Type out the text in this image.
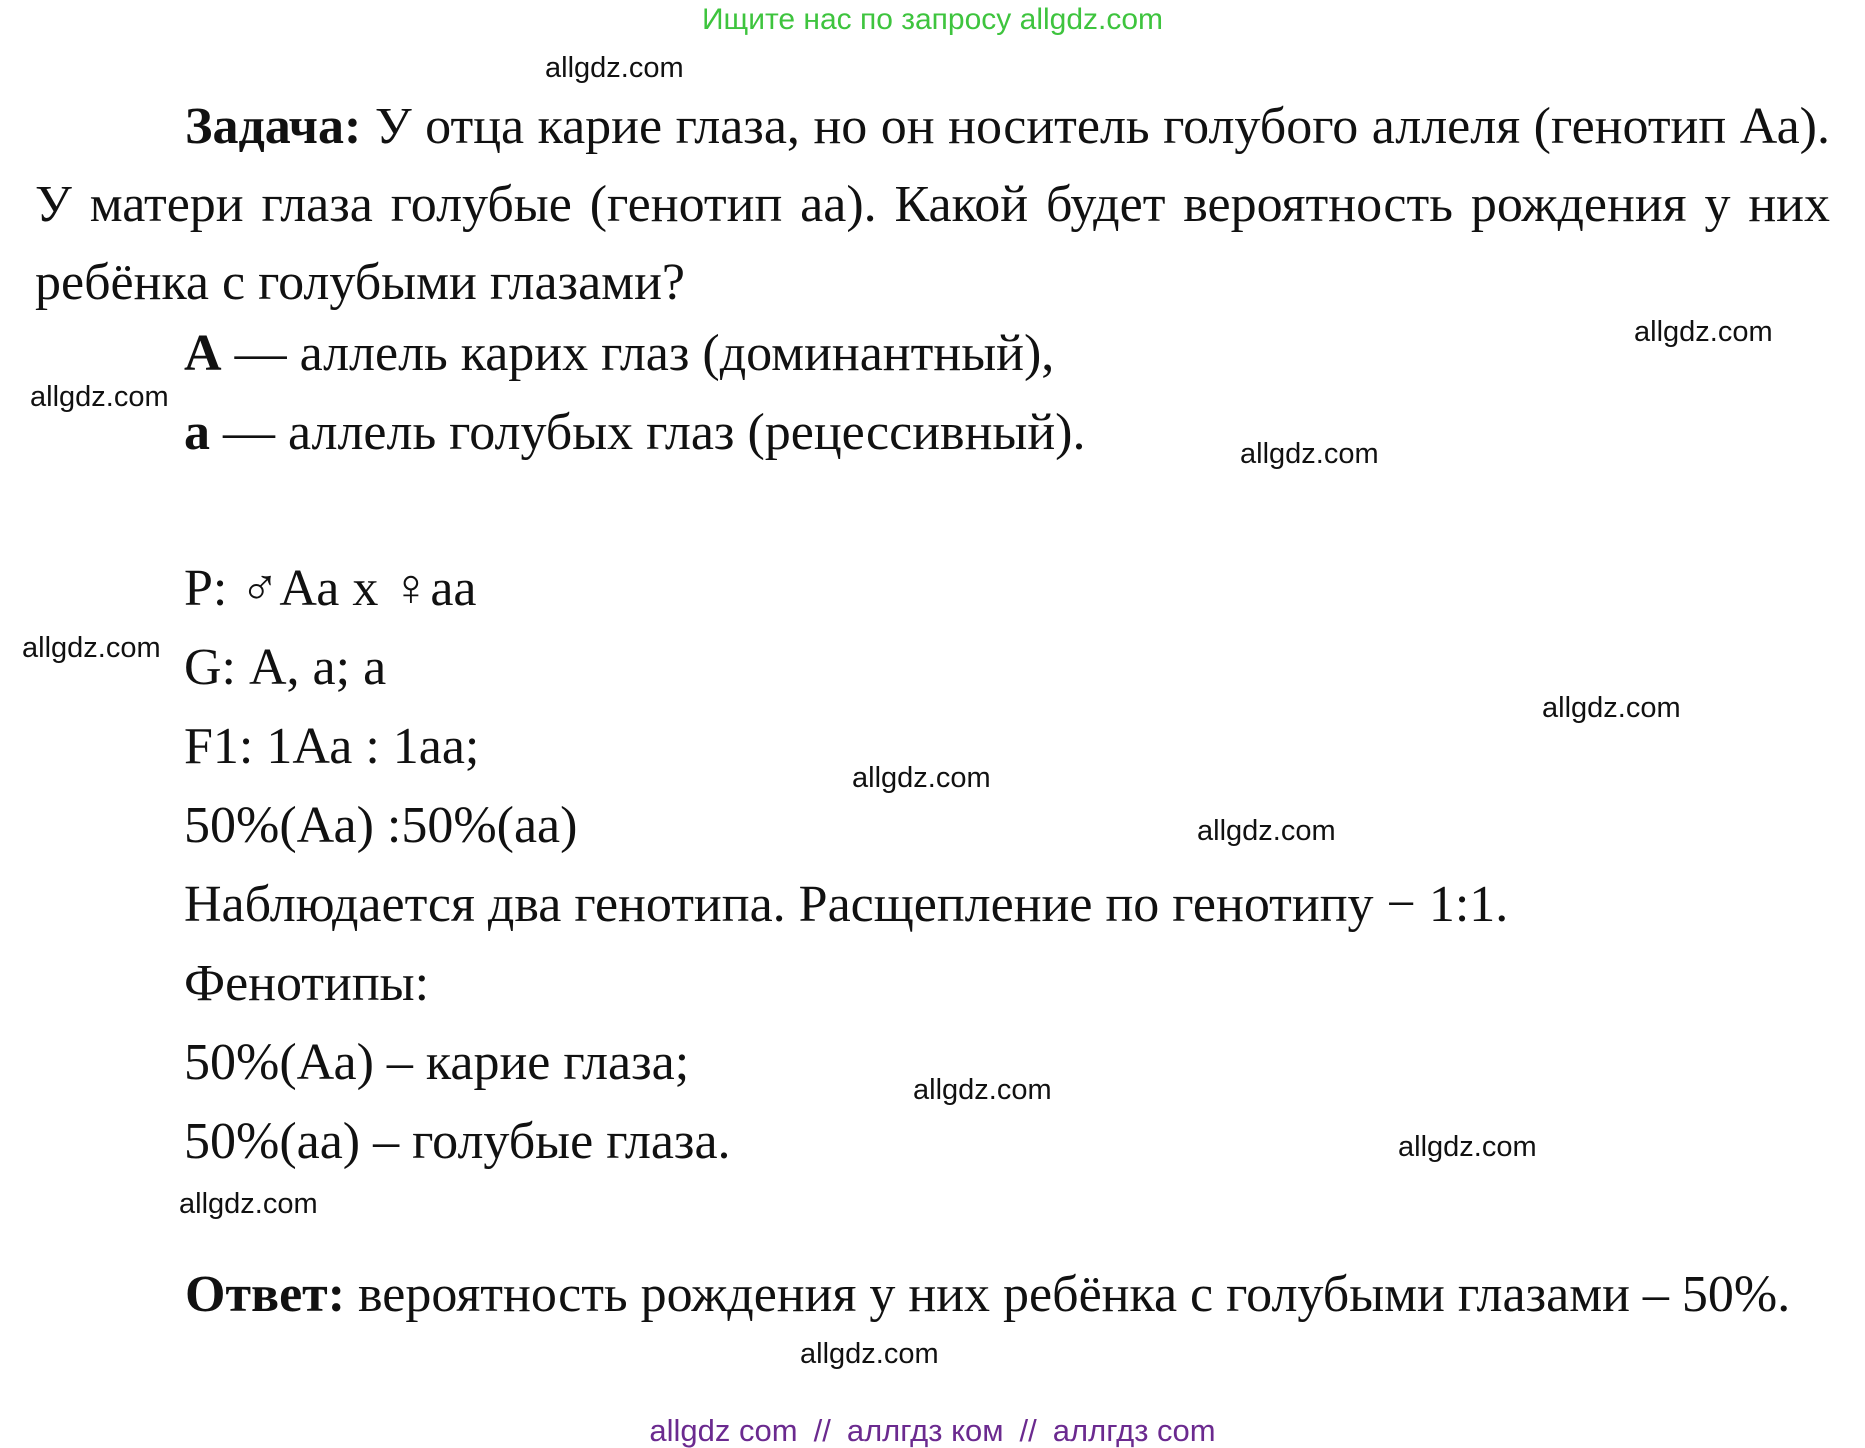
Ищите нас по запросу allgdz.com
Задача: У отца карие глаза, но он носитель голубого аллеля (генотип Аа). У матери глаза голубые (генотип аа). Какой будет вероятность рождения у них ребёнка с голубыми глазами?
А — аллель карих глаз (доминантный),
а — аллель голубых глаз (рецессивный).
P: ♂Аа х ♀аа
G: А, а; а
F1: 1Аа : 1аа;
50%(Аа) :50%(аа)
Наблюдается два генотипа. Расщепление по генотипу − 1:1.
Фенотипы:
50%(Аа) – карие глаза;
50%(аа) – голубые глаза.
Ответ: вероятность рождения у них ребёнка с голубыми глазами – 50%.
allgdz.com
allgdz.com
allgdz.com
allgdz.com
allgdz.com
allgdz.com
allgdz.com
allgdz.com
allgdz.com
allgdz.com
allgdz.com
allgdz.com
allgdz com // аллгдз ком // аллгдз com
